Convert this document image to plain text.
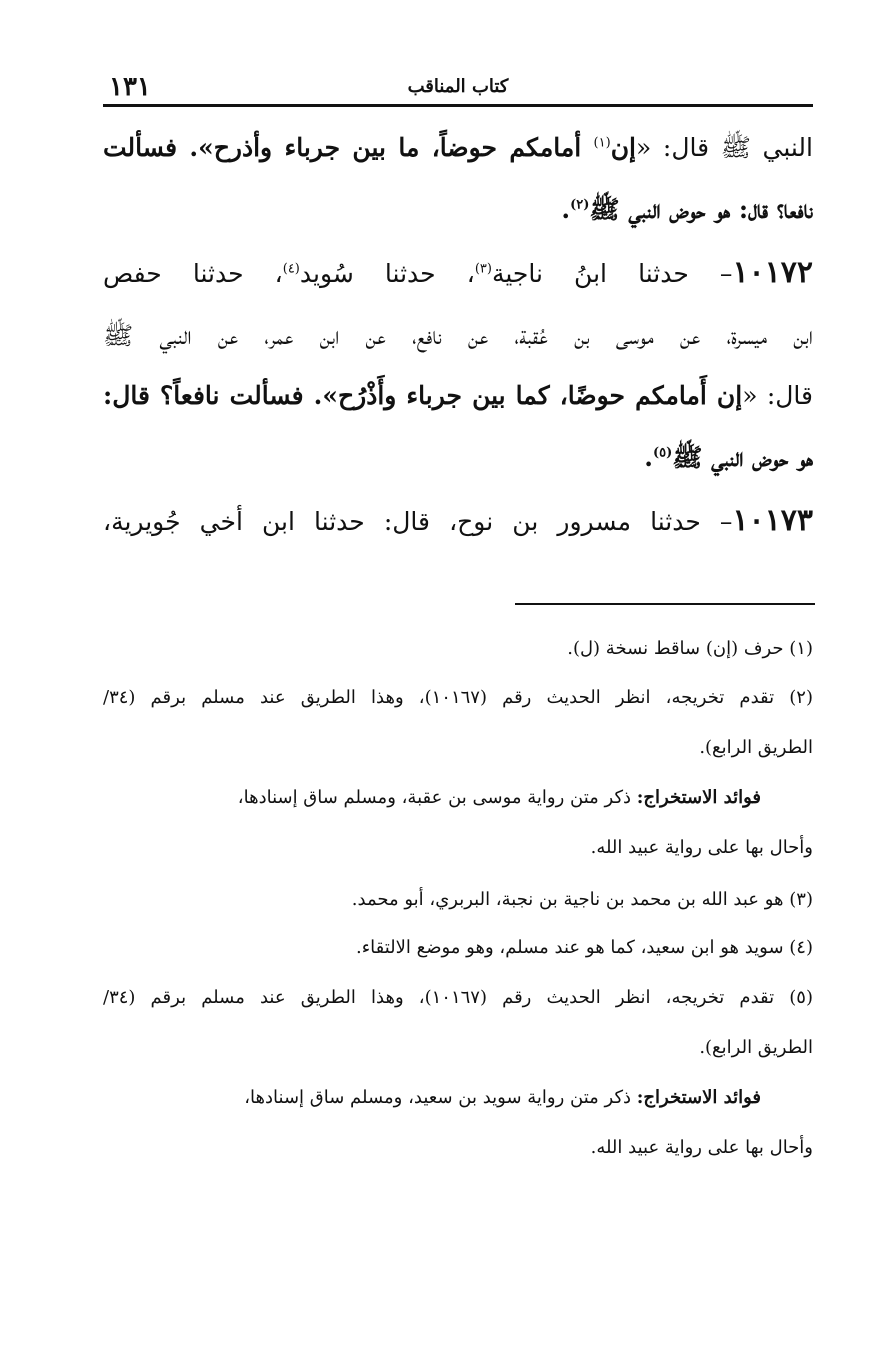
كتاب المناقب
١٣١
النبي ﷺ قال: «إن$^{(١)}$ أمامكم حوضاً، ما بين جرباء وأذرح». فسألت
نافعا؟ قال: هو حوض النبي ﷺ$^{(٢)}$.
١٠١٧٢– حدثنا ابنُ ناجية$^{(٣)}$، حدثنا سُويد$^{(٤)}$، حدثنا حفص
ابن ميسرة، عن موسى بن عُقبة، عن نافع، عن ابن عمر، عن النبي ﷺ
قال: «إن أَمامكم حوضًا، كما بين جرباء وأَذْرُح». فسألت نافعاً؟ قال:
هو حوض النبي ﷺ$^{(٥)}$.
١٠١٧٣– حدثنا مسرور بن نوح، قال: حدثنا ابن أخي جُويرية،
(١) حرف (إن) ساقط نسخة (ل).
(٢) تقدم تخريجه، انظر الحديث رقم (١٠١٦٧)، وهذا الطريق عند مسلم برقم (٣٤/
الطريق الرابع).
فوائد الاستخراج: ذكر متن رواية موسى بن عقبة، ومسلم ساق إسنادها،
وأحال بها على رواية عبيد الله.
(٣) هو عبد الله بن محمد بن ناجية بن نجبة، البربري، أبو محمد.
(٤) سويد هو ابن سعيد، كما هو عند مسلم، وهو موضع الالتقاء.
(٥) تقدم تخريجه، انظر الحديث رقم (١٠١٦٧)، وهذا الطريق عند مسلم برقم (٣٤/
الطريق الرابع).
فوائد الاستخراج: ذكر متن رواية سويد بن سعيد، ومسلم ساق إسنادها،
وأحال بها على رواية عبيد الله.
